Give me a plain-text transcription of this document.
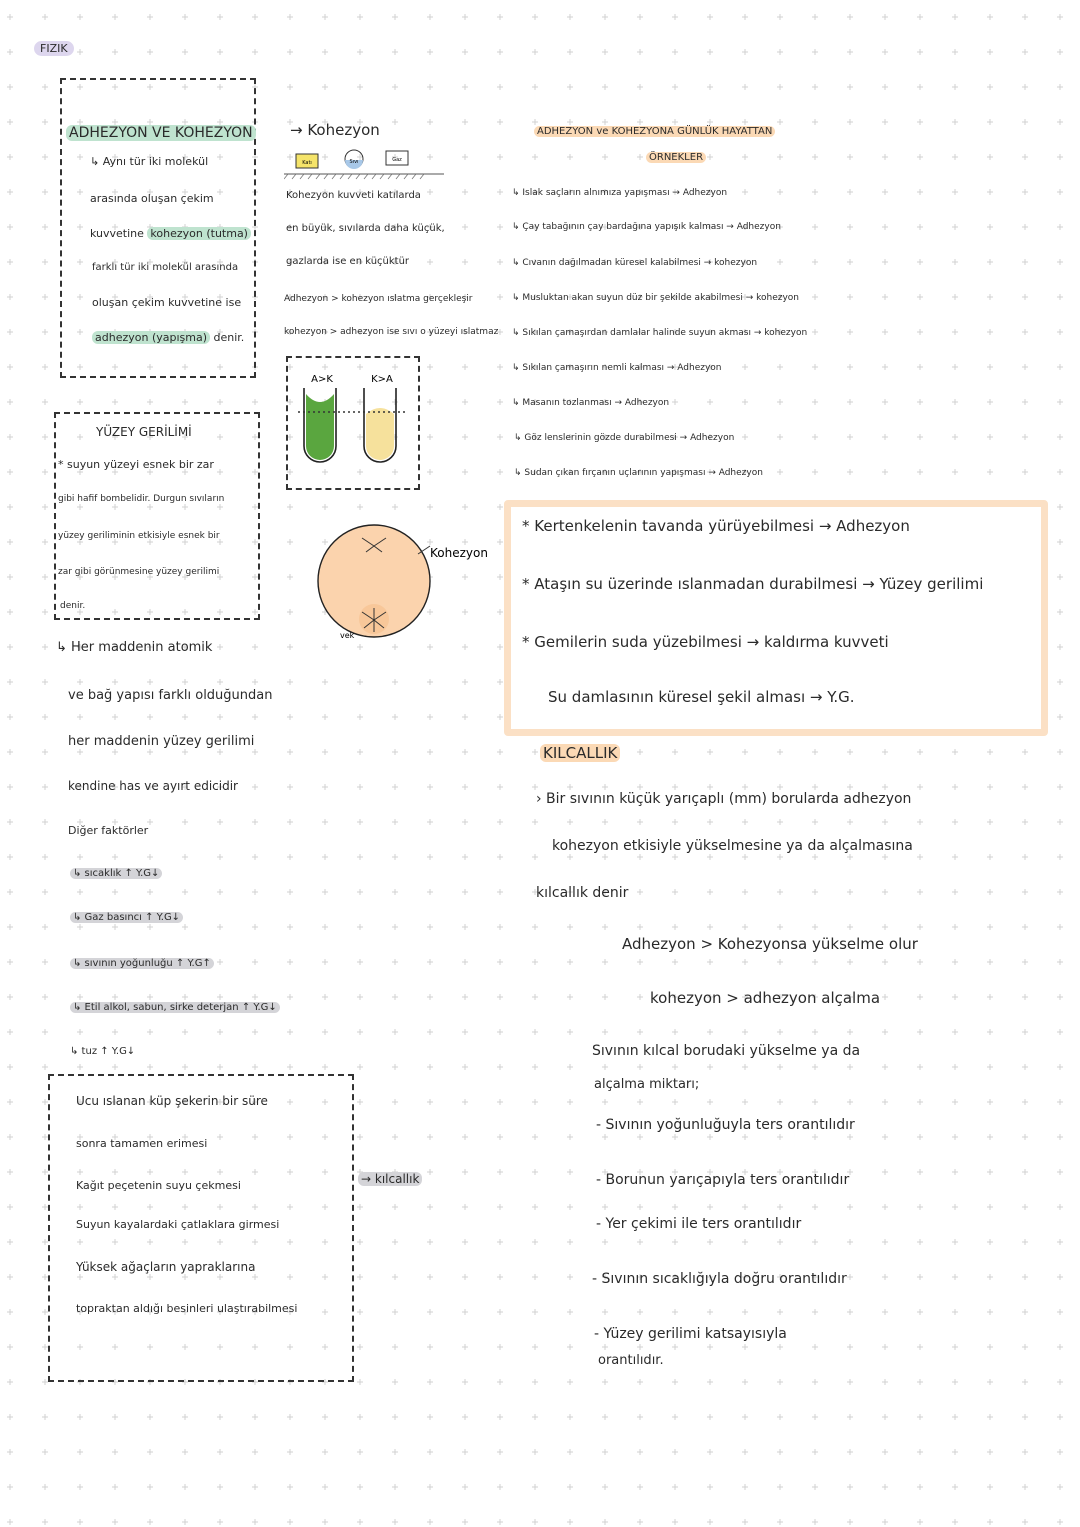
FIZIK
ADHEZYON VE KOHEZYON
↳ Aynı tür iki molekül
arasında oluşan çekim
kuvvetine kohezyon (tutma)
farklı tür iki molekül arasında
oluşan çekim kuvvetine ise
adhezyon (yapışma) denir.
→ Kohezyon
Katı	Sıvı	Gaz
Kohezyon kuvveti katılarda
en büyük, sıvılarda daha küçük,
gazlarda ise en küçüktür
Adhezyon > kohezyon ıslatma gerçekleşir
kohezyon > adhezyon ise sıvı o yüzeyi ıslatmaz
A>K	K>A
Kohezyon
vek
YÜZEY GERİLİMİ
* suyun yüzeyi esnek bir zar
gibi hafif bombelidir. Durgun sıvıların
yüzey geriliminin etkisiyle esnek bir
zar gibi görünmesine yüzey gerilimi
denir.
↳ Her maddenin atomik
ve bağ yapısı farklı olduğundan
her maddenin yüzey gerilimi
kendine has ve ayırt edicidir
Diğer faktörler
↳ sıcaklık ↑ Y.G↓
↳ Gaz basıncı ↑ Y.G↓
↳ sıvının yoğunluğu ↑ Y.G↑
↳ Etil alkol, sabun, sirke deterjan ↑ Y.G↓
↳ tuz ↑ Y.G↓
Ucu ıslanan küp şekerin bir süre
sonra tamamen erimesi
Kağıt peçetenin suyu çekmesi
Suyun kayalardaki çatlaklara girmesi
Yüksek ağaçların yapraklarına
topraktan aldığı besinleri ulaştırabilmesi
→ kılcallık
ADHEZYON ve KOHEZYONA GÜNLÜK HAYATTAN
ÖRNEKLER
↳ Islak saçların alnımıza yapışması → Adhezyon
↳ Çay tabağının çay bardağına yapışık kalması → Adhezyon
↳ Cıvanın dağılmadan küresel kalabilmesi → kohezyon
↳ Musluktan akan suyun düz bir şekilde akabilmesi → kohezyon
↳ Sıkılan çamaşırdan damlalar halinde suyun akması → kohezyon
↳ Sıkılan çamaşırın nemli kalması → Adhezyon
↳ Masanın tozlanması → Adhezyon
↳ Göz lenslerinin gözde durabilmesi → Adhezyon
↳ Sudan çıkan fırçanın uçlarının yapışması → Adhezyon
* Kertenkelenin tavanda yürüyebilmesi → Adhezyon
* Ataşın su üzerinde ıslanmadan durabilmesi → Yüzey gerilimi
* Gemilerin suda yüzebilmesi → kaldırma kuvveti
Su damlasının küresel şekil alması → Y.G.
KILCALLIK
› Bir sıvının küçük yarıçaplı (mm) borularda adhezyon
kohezyon etkisiyle yükselmesine ya da alçalmasına
kılcallık denir
Adhezyon > Kohezyonsa yükselme olur
kohezyon > adhezyon alçalma
Sıvının kılcal borudaki yükselme ya da
alçalma miktarı;
- Sıvının yoğunluğuyla ters orantılıdır
- Borunun yarıçapıyla ters orantılıdır
- Yer çekimi ile ters orantılıdır
- Sıvının sıcaklığıyla doğru orantılıdır
- Yüzey gerilimi katsayısıyla
orantılıdır.
